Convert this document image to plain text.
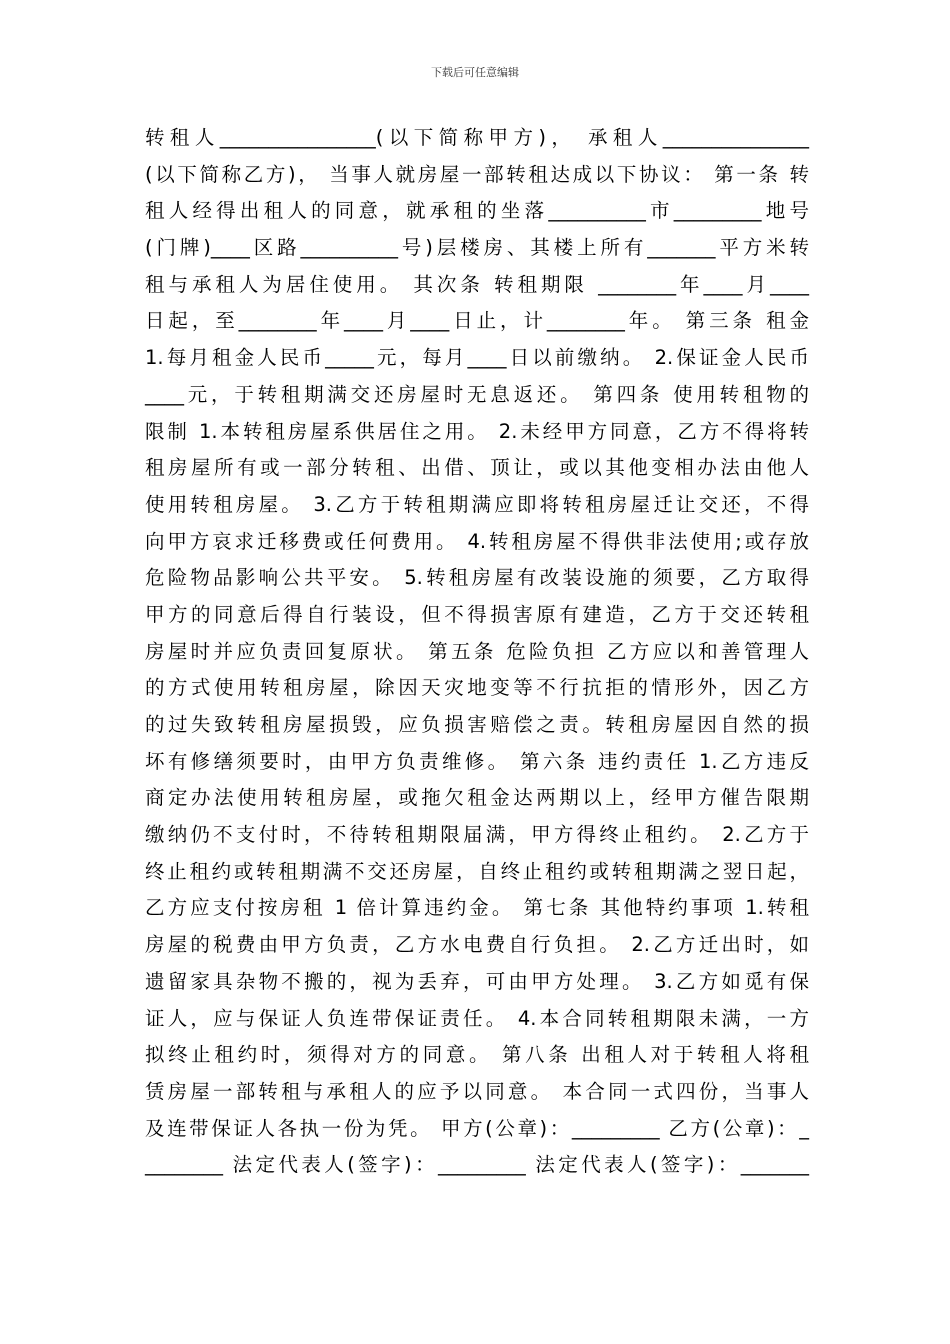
下载后可任意编辑
转租人________________(以下简称甲方)， 承租人_______________
(以下简称乙方)， 当事人就房屋一部转租达成以下协议： 第一条 转
租人经得出租人的同意，就承租的坐落__________市_________地号
(门牌)____区路__________号)层楼房、其楼上所有_______平方米转
租与承租人为居住使用。 其次条 转租期限 ________年____月____
日起，至________年____月____日止，计________年。 第三条 租金
1.每月租金人民币_____元，每月____日以前缴纳。 2.保证金人民币
____元，于转租期满交还房屋时无息返还。 第四条 使用转租物的
限制 1.本转租房屋系供居住之用。 2.未经甲方同意，乙方不得将转
租房屋所有或一部分转租、出借、顶让，或以其他变相办法由他人
使用转租房屋。 3.乙方于转租期满应即将转租房屋迁让交还，不得
向甲方哀求迁移费或任何费用。 4.转租房屋不得供非法使用;或存放
危险物品影响公共平安。 5.转租房屋有改装设施的须要，乙方取得
甲方的同意后得自行装设，但不得损害原有建造，乙方于交还转租
房屋时并应负责回复原状。 第五条 危险负担 乙方应以和善管理人
的方式使用转租房屋，除因天灾地变等不行抗拒的情形外，因乙方
的过失致转租房屋损毁，应负损害赔偿之责。转租房屋因自然的损
坏有修缮须要时，由甲方负责维修。 第六条 违约责任 1.乙方违反
商定办法使用转租房屋，或拖欠租金达两期以上，经甲方催告限期
缴纳仍不支付时，不待转租期限届满，甲方得终止租约。 2.乙方于
终止租约或转租期满不交还房屋，自终止租约或转租期满之翌日起，
乙方应支付按房租 1 倍计算违约金。 第七条 其他特约事项 1.转租
房屋的税费由甲方负责，乙方水电费自行负担。 2.乙方迁出时，如
遗留家具杂物不搬的，视为丢弃，可由甲方处理。 3.乙方如觅有保
证人，应与保证人负连带保证责任。 4.本合同转租期限未满，一方
拟终止租约时，须得对方的同意。 第八条 出租人对于转租人将租
赁房屋一部转租与承租人的应予以同意。 本合同一式四份，当事人
及连带保证人各执一份为凭。 甲方(公章)：_________ 乙方(公章)：_
________ 法定代表人(签字)：_________ 法定代表人(签字)：_______
